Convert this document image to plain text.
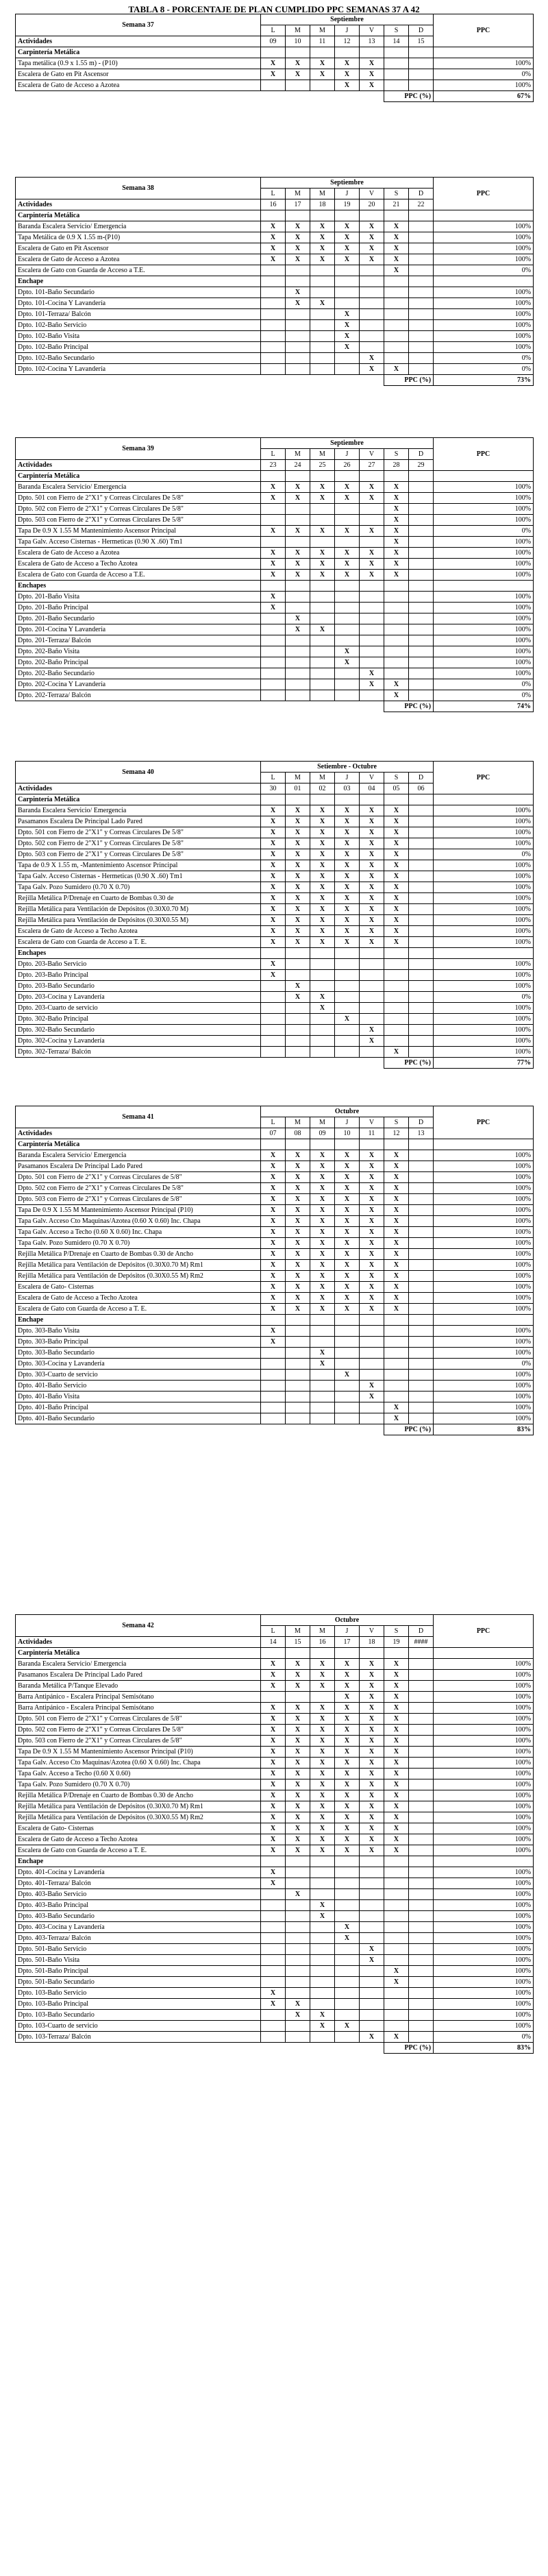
TABLA 8 - PORCENTAJE DE PLAN CUMPLIDO PPC SEMANAS 37 A 42
Semana 37	Septiembre							PPC
	L	M	M	J	V	S	D	
Actividades	09	10	11	12	13	14	15	
Carpintería Metálica								
Tapa metálica (0.9 x 1.55 m) - (P10)	X	X	X	X	X			100%
Escalera de Gato en Pit Ascensor	X	X	X	X	X			0%
Escalera de Gato de Acceso a Azotea				X	X			100%
						PPC (%)		67%
Semana 38	Septiembre							PPC
	L	M	M	J	V	S	D	
Actividades	16	17	18	19	20	21	22	
Carpintería Metálica								
Baranda Escalera Servicio/ Emergencia	X	X	X	X	X	X		100%
Tapa Metálica de 0.9 X 1.55 m-(P10)	X	X	X	X	X	X		100%
Escalera de Gato en Pit Ascensor	X	X	X	X	X	X		100%
Escalera de Gato de Acceso a Azotea	X	X	X	X	X	X		100%
Escalera de Gato con Guarda de Acceso a T.E.						X		0%
Enchape								
Dpto. 101-Baño Secundario		X						100%
Dpto. 101-Cocina Y Lavandería		X	X					100%
Dpto. 101-Terraza/ Balcón				X				100%
Dpto. 102-Baño Servicio				X				100%
Dpto. 102-Baño Visita				X				100%
Dpto. 102-Baño Principal				X				100%
Dpto. 102-Baño Secundario					X			0%
Dpto. 102-Cocina Y Lavandería					X	X		0%
						PPC (%)		73%
Semana 39	Septiembre							PPC
	L	M	M	J	V	S	D	
Actividades	23	24	25	26	27	28	29	
Carpintería Metálica								
Baranda Escalera Servicio/ Emergencia	X	X	X	X	X	X		100%
Dpto. 501 con Fierro de 2"X1" y Correas Circulares De 5/8"	X	X	X	X	X	X		100%
Dpto. 502 con Fierro de 2"X1" y Correas Circulares De 5/8"						X		100%
Dpto. 503 con Fierro de 2"X1" y Correas Circulares De 5/8"						X		100%
Tapa De 0.9 X 1.55 M Mantenimiento Ascensor Principal	X	X	X	X	X	X		0%
Tapa Galv. Acceso Cisternas - Hermeticas (0.90 X .60) Tm1						X		100%
Escalera de Gato de Acceso a Azotea	X	X	X	X	X	X		100%
Escalera de Gato de Acceso a Techo Azotea	X	X	X	X	X	X		100%
Escalera de Gato con Guarda de Acceso a T.E.	X	X	X	X	X	X		100%
Enchapes								
Dpto. 201-Baño Visita	X							100%
Dpto. 201-Baño Principal	X							100%
Dpto. 201-Baño Secundario		X						100%
Dpto. 201-Cocina Y Lavandería		X	X					100%
Dpto. 201-Terraza/ Balcón								100%
Dpto. 202-Baño Visita				X				100%
Dpto. 202-Baño Principal				X				100%
Dpto. 202-Baño Secundario					X			100%
Dpto. 202-Cocina Y Lavandería					X	X		0%
Dpto. 202-Terraza/ Balcón						X		0%
						PPC (%)		74%
Semana 40	Setiembre - Octubre							PPC
	L	M	M	J	V	S	D	
Actividades	30	01	02	03	04	05	06	
Carpintería Metálica								
Baranda Escalera Servicio/ Emergencia	X	X	X	X	X	X		100%
Pasamanos Escalera De Principal Lado Pared	X	X	X	X	X	X		100%
Dpto. 501 con Fierro de 2"X1" y Correas Circulares De 5/8"	X	X	X	X	X	X		100%
Dpto. 502 con Fierro de 2"X1" y Correas Circulares De 5/8"	X	X	X	X	X	X		100%
Dpto. 503 con Fierro de 2"X1" y Correas Circulares De 5/8"	X	X	X	X	X	X		0%
Tapa de 0.9 X 1.55 m, -Mantenimiento Ascensor Principal	X	X	X	X	X	X		100%
Tapa Galv. Acceso Cisternas - Hermeticas (0.90 X .60) Tm1	X	X	X	X	X	X		100%
Tapa Galv. Pozo Sumidero (0.70 X 0.70)	X	X	X	X	X	X		100%
Rejilla Metálica P/Drenaje en Cuarto de Bombas 0.30 de	X	X	X	X	X	X		100%
Rejilla Metálica para Ventilación de Depósitos (0.30X0.70 M)	X	X	X	X	X	X		100%
Rejilla Metálica para Ventilación de Depósitos (0.30X0.55 M)	X	X	X	X	X	X		100%
Escalera de Gato de Acceso a Techo Azotea	X	X	X	X	X	X		100%
Escalera de Gato con Guarda de Acceso a T. E.	X	X	X	X	X	X		100%
Enchapes								
Dpto. 203-Baño Servicio	X							100%
Dpto. 203-Baño Principal	X							100%
Dpto. 203-Baño Secundario		X						100%
Dpto. 203-Cocina y Lavandería		X	X					0%
Dpto. 203-Cuarto de servicio			X					100%
Dpto. 302-Baño Principal				X				100%
Dpto. 302-Baño Secundario					X			100%
Dpto. 302-Cocina y Lavandería					X			100%
Dpto. 302-Terraza/ Balcón						X		100%
						PPC (%)		77%
Semana 41	Octubre							PPC
	L	M	M	J	V	S	D	
Actividades	07	08	09	10	11	12	13	
Carpintería Metálica								
Baranda Escalera Servicio/ Emergencia	X	X	X	X	X	X		100%
Pasamanos Escalera De Principal Lado Pared	X	X	X	X	X	X		100%
Dpto. 501 con Fierro de 2"X1" y Correas Circulares de 5/8"	X	X	X	X	X	X		100%
Dpto. 502 con Fierro de 2"X1" y Correas Circulares De 5/8"	X	X	X	X	X	X		100%
Dpto. 503 con Fierro de 2"X1" y Correas Circulares de 5/8"	X	X	X	X	X	X		100%
Tapa De 0.9 X 1.55 M Mantenimiento Ascensor Principal (P10)	X	X	X	X	X	X		100%
Tapa Galv. Acceso Cto Maquinas/Azotea (0.60 X 0.60) Inc. Chapa	X	X	X	X	X	X		100%
Tapa Galv. Acceso a Techo (0.60 X 0.60) Inc. Chapa	X	X	X	X	X	X		100%
Tapa Galv. Pozo Sumidero (0.70 X 0.70)	X	X	X	X	X	X		100%
Rejilla Metálica P/Drenaje en Cuarto de Bombas 0.30 de Ancho	X	X	X	X	X	X		100%
Rejilla Metálica para Ventilación de Depósitos (0.30X0.70 M) Rm1	X	X	X	X	X	X		100%
Rejilla Metálica para Ventilación de Depósitos (0.30X0.55 M) Rm2	X	X	X	X	X	X		100%
Escalera de Gato- Cisternas	X	X	X	X	X	X		100%
Escalera de Gato de Acceso a Techo Azotea	X	X	X	X	X	X		100%
Escalera de Gato con Guarda de Acceso a T. E.	X	X	X	X	X	X		100%
Enchape								
Dpto. 303-Baño Visita	X							100%
Dpto. 303-Baño Principal	X							100%
Dpto. 303-Baño Secundario			X					100%
Dpto. 303-Cocina y Lavandería			X					0%
Dpto. 303-Cuarto de servicio				X				100%
Dpto. 401-Baño Servicio					X			100%
Dpto. 401-Baño Visita					X			100%
Dpto. 401-Baño Principal						X		100%
Dpto. 401-Baño Secundario						X		100%
						PPC (%)		83%
Semana 42	Octubre							PPC
	L	M	M	J	V	S	D	
Actividades	14	15	16	17	18	19	####	
Carpintería Metálica								
Baranda Escalera Servicio/ Emergencia	X	X	X	X	X	X		100%
Pasamanos Escalera De Principal Lado Pared	X	X	X	X	X	X		100%
Baranda Metálica P/Tanque Elevado	X	X	X	X	X	X		100%
Barra Antipánico - Escalera Principal Semisótano				X	X	X		100%
Barra Antipánico - Escalera Principal Semisótano	X	X	X	X	X	X		100%
Dpto. 501 con Fierro de 2"X1" y Correas Circulares de 5/8"	X	X	X	X	X	X		100%
Dpto. 502 con Fierro de 2"X1" y Correas Circulares De 5/8"	X	X	X	X	X	X		100%
Dpto. 503 con Fierro de 2"X1" y Correas Circulares de 5/8"	X	X	X	X	X	X		100%
Tapa De 0.9 X 1.55 M Mantenimiento Ascensor Principal (P10)	X	X	X	X	X	X		100%
Tapa Galv. Acceso Cto Maquinas/Azotea (0.60 X 0.60) Inc. Chapa	X	X	X	X	X	X		100%
Tapa Galv. Acceso a Techo (0.60 X 0.60)	X	X	X	X	X	X		100%
Tapa Galv. Pozo Sumidero (0.70 X 0.70)	X	X	X	X	X	X		100%
Rejilla Metálica P/Drenaje en Cuarto de Bombas 0.30 de Ancho	X	X	X	X	X	X		100%
Rejilla Metálica para Ventilación de Depósitos (0.30X0.70 M) Rm1	X	X	X	X	X	X		100%
Rejilla Metálica para Ventilación de Depósitos (0.30X0.55 M) Rm2	X	X	X	X	X	X		100%
Escalera de Gato- Cisternas	X	X	X	X	X	X		100%
Escalera de Gato de Acceso a Techo Azotea	X	X	X	X	X	X		100%
Escalera de Gato con Guarda de Acceso a T. E.	X	X	X	X	X	X		100%
Enchape								
Dpto. 401-Cocina y Lavandería	X							100%
Dpto. 401-Terraza/ Balcón	X							100%
Dpto. 403-Baño Servicio		X						100%
Dpto. 403-Baño Principal			X					100%
Dpto. 403-Baño Secundario			X					100%
Dpto. 403-Cocina y Lavandería				X				100%
Dpto. 403-Terraza/ Balcón				X				100%
Dpto. 501-Baño Servicio					X			100%
Dpto. 501-Baño Visita					X			100%
Dpto. 501-Baño Principal						X		100%
Dpto. 501-Baño Secundario						X		100%
Dpto. 103-Baño Servicio	X							100%
Dpto. 103-Baño Principal	X	X						100%
Dpto. 103-Baño Secundario		X	X					100%
Dpto. 103-Cuarto de servicio			X	X				100%
Dpto. 103-Terraza/ Balcón					X	X		0%
						PPC (%)		83%
